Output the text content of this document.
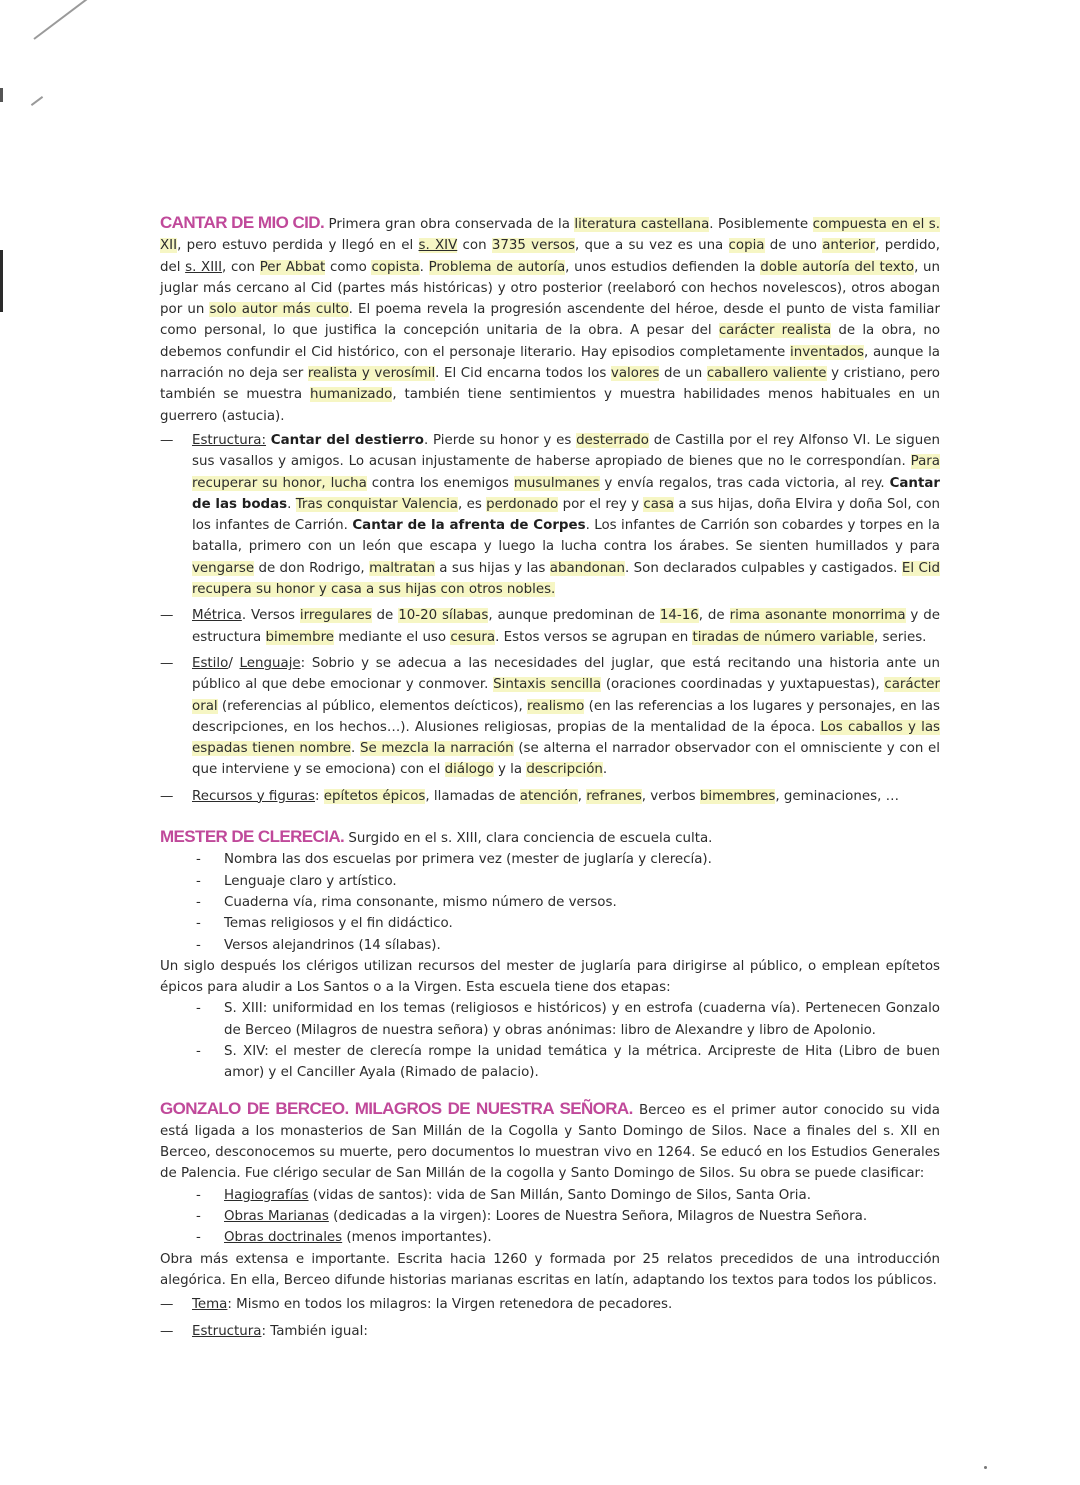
CANTAR DE MIO CID. Primera gran obra conservada de la literatura castellana. Posiblemente compuesta en el s. XII, pero estuvo perdida y llegó en el s. XIV con 3735 versos, que a su vez es una copia de uno anterior, perdido, del s. XIII, con Per Abbat como copista. Problema de autoría, unos estudios defienden la doble autoría del texto, un juglar más cercano al Cid (partes más históricas) y otro posterior (reelaboró con hechos novelescos), otros abogan por un solo autor más culto. El poema revela la progresión ascendente del héroe, desde el punto de vista familiar como personal, lo que justifica la concepción unitaria de la obra. A pesar del carácter realista de la obra, no debemos confundir el Cid histórico, con el personaje literario. Hay episodios completamente inventados, aunque la narración no deja ser realista y verosímil. El Cid encarna todos los valores de un caballero valiente y cristiano, pero también se muestra humanizado, también tiene sentimientos y muestra habilidades menos habituales en un guerrero (astucia).

— Estructura: Cantar del destierro. Pierde su honor y es desterrado de Castilla por el rey Alfonso VI. Le siguen sus vasallos y amigos. Lo acusan injustamente de haberse apropiado de bienes que no le correspondían. Para recuperar su honor, lucha contra los enemigos musulmanes y envía regalos, tras cada victoria, al rey. Cantar de las bodas. Tras conquistar Valencia, es perdonado por el rey y casa a sus hijas, doña Elvira y doña Sol, con los infantes de Carrión. Cantar de la afrenta de Corpes. Los infantes de Carrión son cobardes y torpes en la batalla, primero con un león que escapa y luego la lucha contra los árabes. Se sienten humillados y para vengarse de don Rodrigo, maltratan a sus hijas y las abandonan. Son declarados culpables y castigados. El Cid recupera su honor y casa a sus hijas con otros nobles.
— Métrica. Versos irregulares de 10-20 sílabas, aunque predominan de 14-16, de rima asonante monorrima y de estructura bimembre mediante el uso cesura. Estos versos se agrupan en tiradas de número variable, series.
— Estilo/ Lenguaje: Sobrio y se adecua a las necesidades del juglar, que está recitando una historia ante un público al que debe emocionar y conmover. Sintaxis sencilla (oraciones coordinadas y yuxtapuestas), carácter oral (referencias al público, elementos deícticos), realismo (en las referencias a los lugares y personajes, en las descripciones, en los hechos…). Alusiones religiosas, propias de la mentalidad de la época. Los caballos y las espadas tienen nombre. Se mezcla la narración (se alterna el narrador observador con el omnisciente y con el que interviene y se emociona) con el diálogo y la descripción.
— Recursos y figuras: epítetos épicos, llamadas de atención, refranes, verbos bimembres, geminaciones, …

MESTER DE CLERECIA. Surgido en el s. XIII, clara conciencia de escuela culta.

- Nombra las dos escuelas por primera vez (mester de juglaría y clerecía).
- Lenguaje claro y artístico.
- Cuaderna vía, rima consonante, mismo número de versos.
- Temas religiosos y el fin didáctico.
- Versos alejandrinos (14 sílabas).

Un siglo después los clérigos utilizan recursos del mester de juglaría para dirigirse al público, o emplean epítetos épicos para aludir a Los Santos o a la Virgen. Esta escuela tiene dos etapas:

- S. XIII: uniformidad en los temas (religiosos e históricos) y en estrofa (cuaderna vía). Pertenecen Gonzalo de Berceo (Milagros de nuestra señora) y obras anónimas: libro de Alexandre y libro de Apolonio.
- S. XIV: el mester de clerecía rompe la unidad temática y la métrica. Arcipreste de Hita (Libro de buen amor) y el Canciller Ayala (Rimado de palacio).

GONZALO DE BERCEO. MILAGROS DE NUESTRA SEÑORA. Berceo es el primer autor conocido su vida está ligada a los monasterios de San Millán de la Cogolla y Santo Domingo de Silos. Nace a finales del s. XII en Berceo, desconocemos su muerte, pero documentos lo muestran vivo en 1264. Se educó en los Estudios Generales de Palencia. Fue clérigo secular de San Millán de la cogolla y Santo Domingo de Silos. Su obra se puede clasificar:

- Hagiografías (vidas de santos): vida de San Millán, Santo Domingo de Silos, Santa Oria.
- Obras Marianas (dedicadas a la virgen): Loores de Nuestra Señora, Milagros de Nuestra Señora.
- Obras doctrinales (menos importantes).

Obra más extensa e importante. Escrita hacia 1260 y formada por 25 relatos precedidos de una introducción alegórica. En ella, Berceo difunde historias marianas escritas en latín, adaptando los textos para todos los públicos.

— Tema: Mismo en todos los milagros: la Virgen retenedora de pecadores.
— Estructura: También igual:
